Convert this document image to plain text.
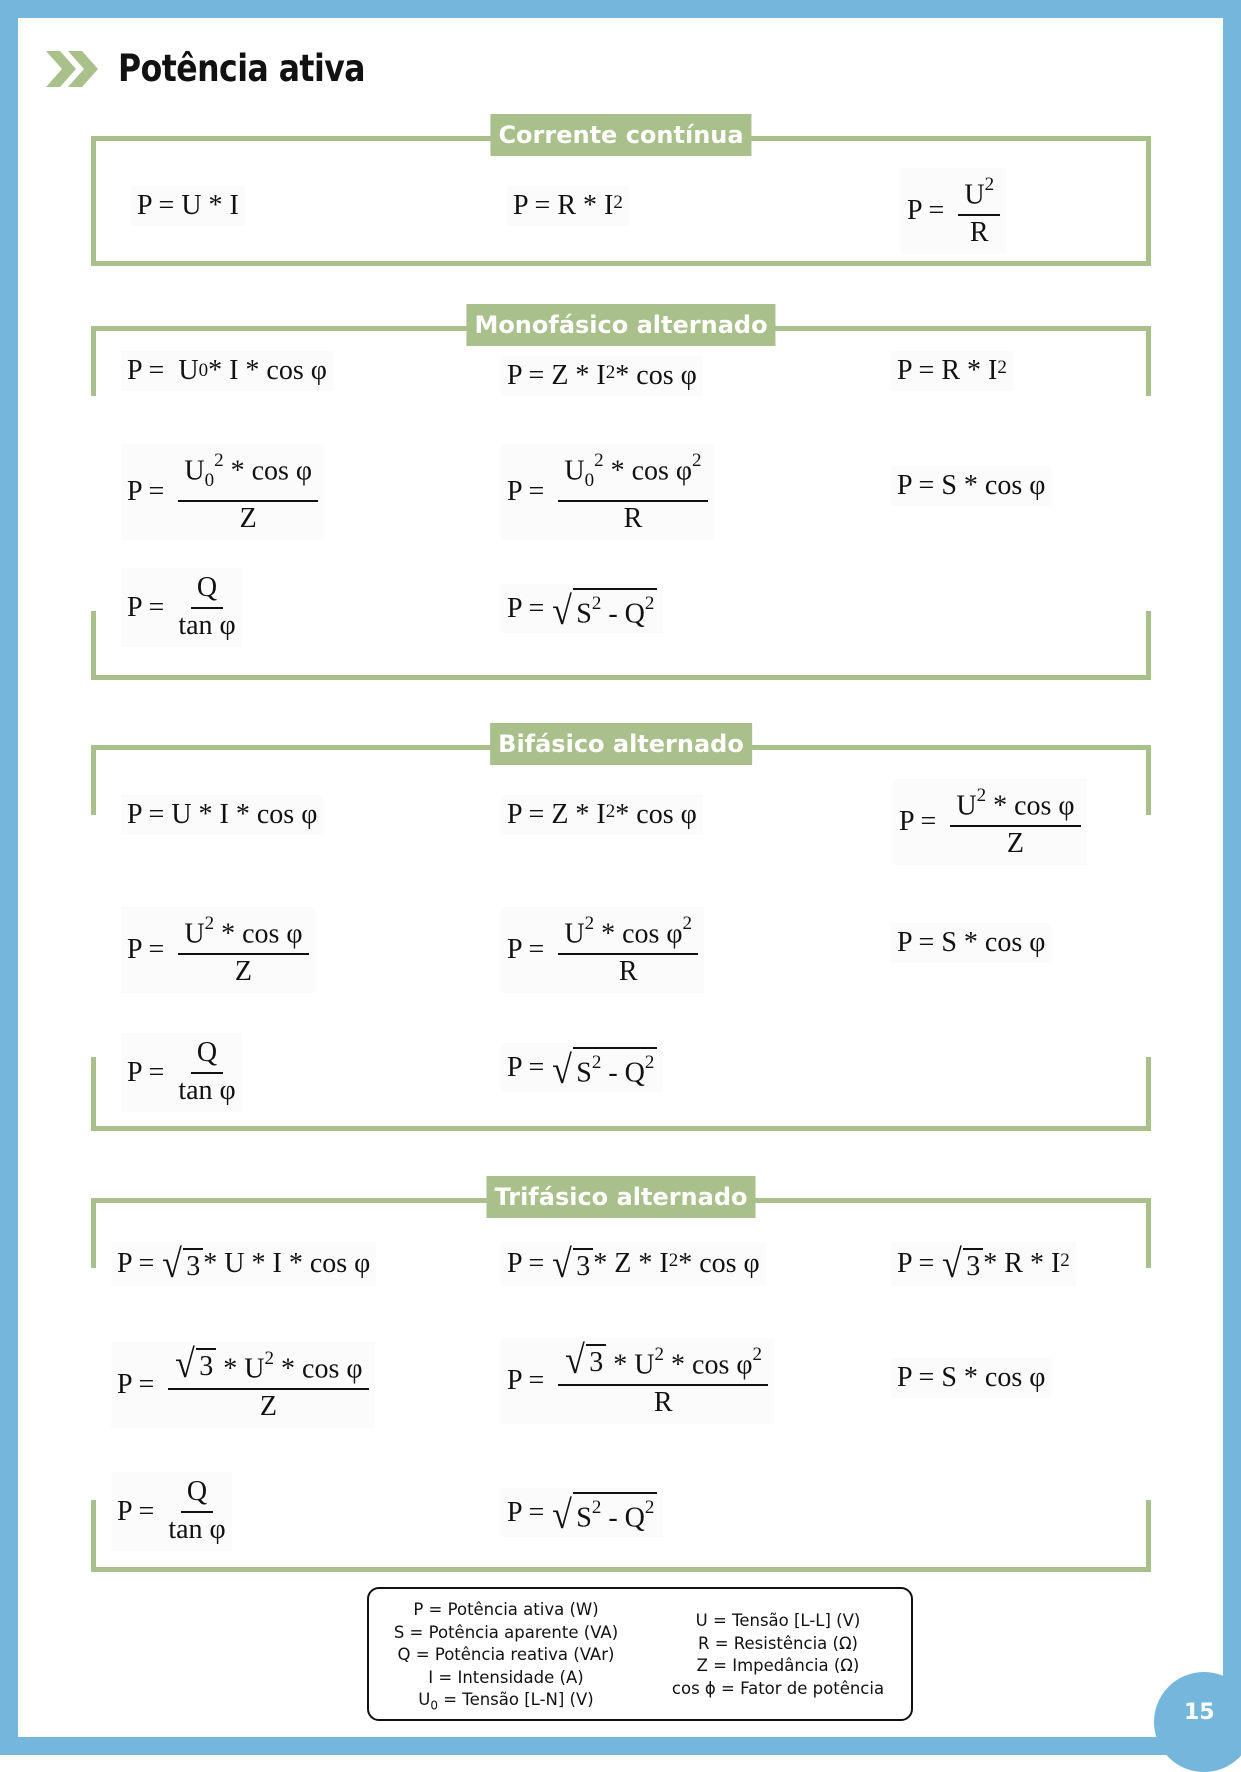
Potência ativa
Corrente contínua
P =
U * I	P =
R * $I^2$	$P = \frac{U^2}{R}$
Monofásico alternado
P =
U 0 * I * cos φ	P =
Z * $I^2$ * cos φ	P =
R * $I^2$
$P = \frac{U_0^2 * \cos \varphi}{Z}$	$P = \frac{U_0^2 * \cos \varphi^2}{R}$	P =
S * cos φ
$P = \frac{Q}{\text{tan φ}}$	P =
√ $S^2 - Q^2$
Bifásico alternado
P =
U * I * cos φ	P =
Z * $I^2$ * cos φ	$P = \frac{U^2 * \cos \varphi}{Z}$
$P = \frac{U^2 * \cos \varphi}{Z}$	$P = \frac{U^2 * \cos \varphi^2}{R}$	P =
S * cos φ
$P = \frac{Q}{\text{tan φ}}$	P =
√ $S^2 - Q^2$
Trifásico alternado
P =
√ 3 * U * I * cos φ	P =
√ 3 * Z * $I^2$ * cos φ	P =
√ 3 * R * $I^2$
$P = \frac{√ 3 * U^2 * \cos \varphi}{Z}$	$P = \frac{√ 3 * U^2 * \cos \varphi^2}{R}$	P =
S * cos φ
$P = \frac{Q}{\text{tan φ}}$	P =
√ $S^2 - Q^2$
P = Potência ativa (W)
S = Potência aparente (VA)
Q = Potência reativa (VAr)
I = Intensidade (A)
$U_0$ = Tensão [L-N] (V)
U = Tensão [L-L] (V)
R = Resistência (Ω)
Z = Impedância (Ω)
cos ϕ = Fator de potência
15
